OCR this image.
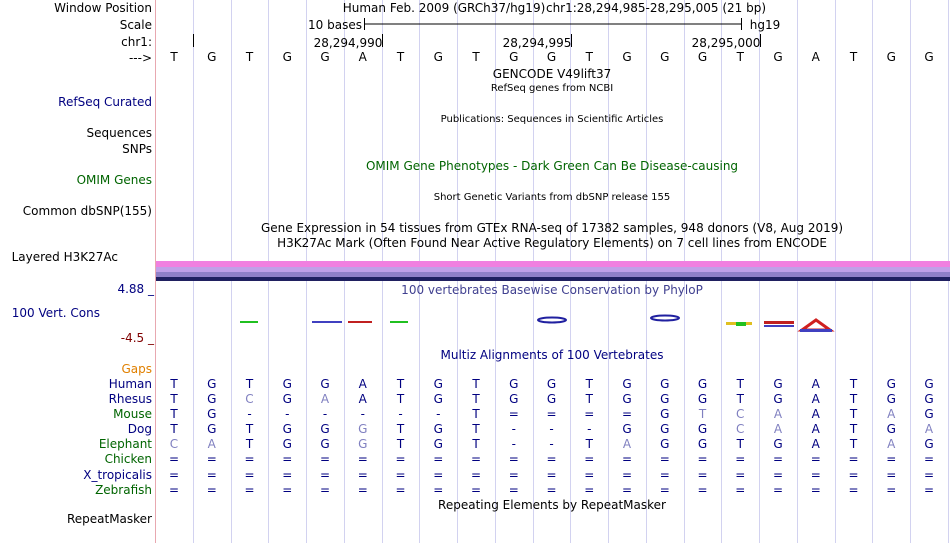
Window Position
Scale
chr1:
--->
RefSeq Curated
Sequences
SNPs
OMIM Genes
Common dbSNP(155)
Layered H3K27Ac
4.88 _
100 Vert. Cons
-4.5 _
Gaps
RepeatMasker
Human Feb. 2009 (GRCh37/hg19) chr1:28,294,985-28,295,005 (21 bp)
10 bases	hg19
28,294,990	28,294,995	28,295,000
T	G	T	G	G	A	T	G	T	G	G	T	G	G	G	T	G	A	T	G	G
GENCODE V49lift37
RefSeq genes from NCBI
Publications: Sequences in Scientific Articles
OMIM Gene Phenotypes - Dark Green Can Be Disease-causing
Short Genetic Variants from dbSNP release 155
Gene Expression in 54 tissues from GTEx RNA-seq of 17382 samples, 948 donors (V8, Aug 2019)
H3K27Ac Mark (Often Found Near Active Regulatory Elements) on 7 cell lines from ENCODE
100 vertebrates Basewise Conservation by PhyloP
Multiz Alignments of 100 Vertebrates
Human	T	G	T	G	G	A	T	G	T	G	G	T	G	G	G	T	G	A	T	G	G
Rhesus	T	G	C	G	A	A	T	G	T	G	G	T	G	G	G	T	G	A	T	G	G
Mouse	T	G	-	-	-	-	-	-	T	=	=	=	=	G	T	C	A	A	T	A	G
Dog	T	G	T	G	G	G	T	G	T	-	-	-	G	G	G	C	A	A	T	G	A
Elephant	C	A	T	G	G	G	T	G	T	-	-	T	A	G	G	T	G	A	T	A	G
Chicken	=	=	=	=	=	=	=	=	=	=	=	=	=	=	=	=	=	=	=	=	=
X_tropicalis	=	=	=	=	=	=	=	=	=	=	=	=	=	=	=	=	=	=	=	=	=
Zebrafish	=	=	=	=	=	=	=	=	=	=	=	=	=	=	=	=	=	=	=	=	=
Repeating Elements by RepeatMasker
